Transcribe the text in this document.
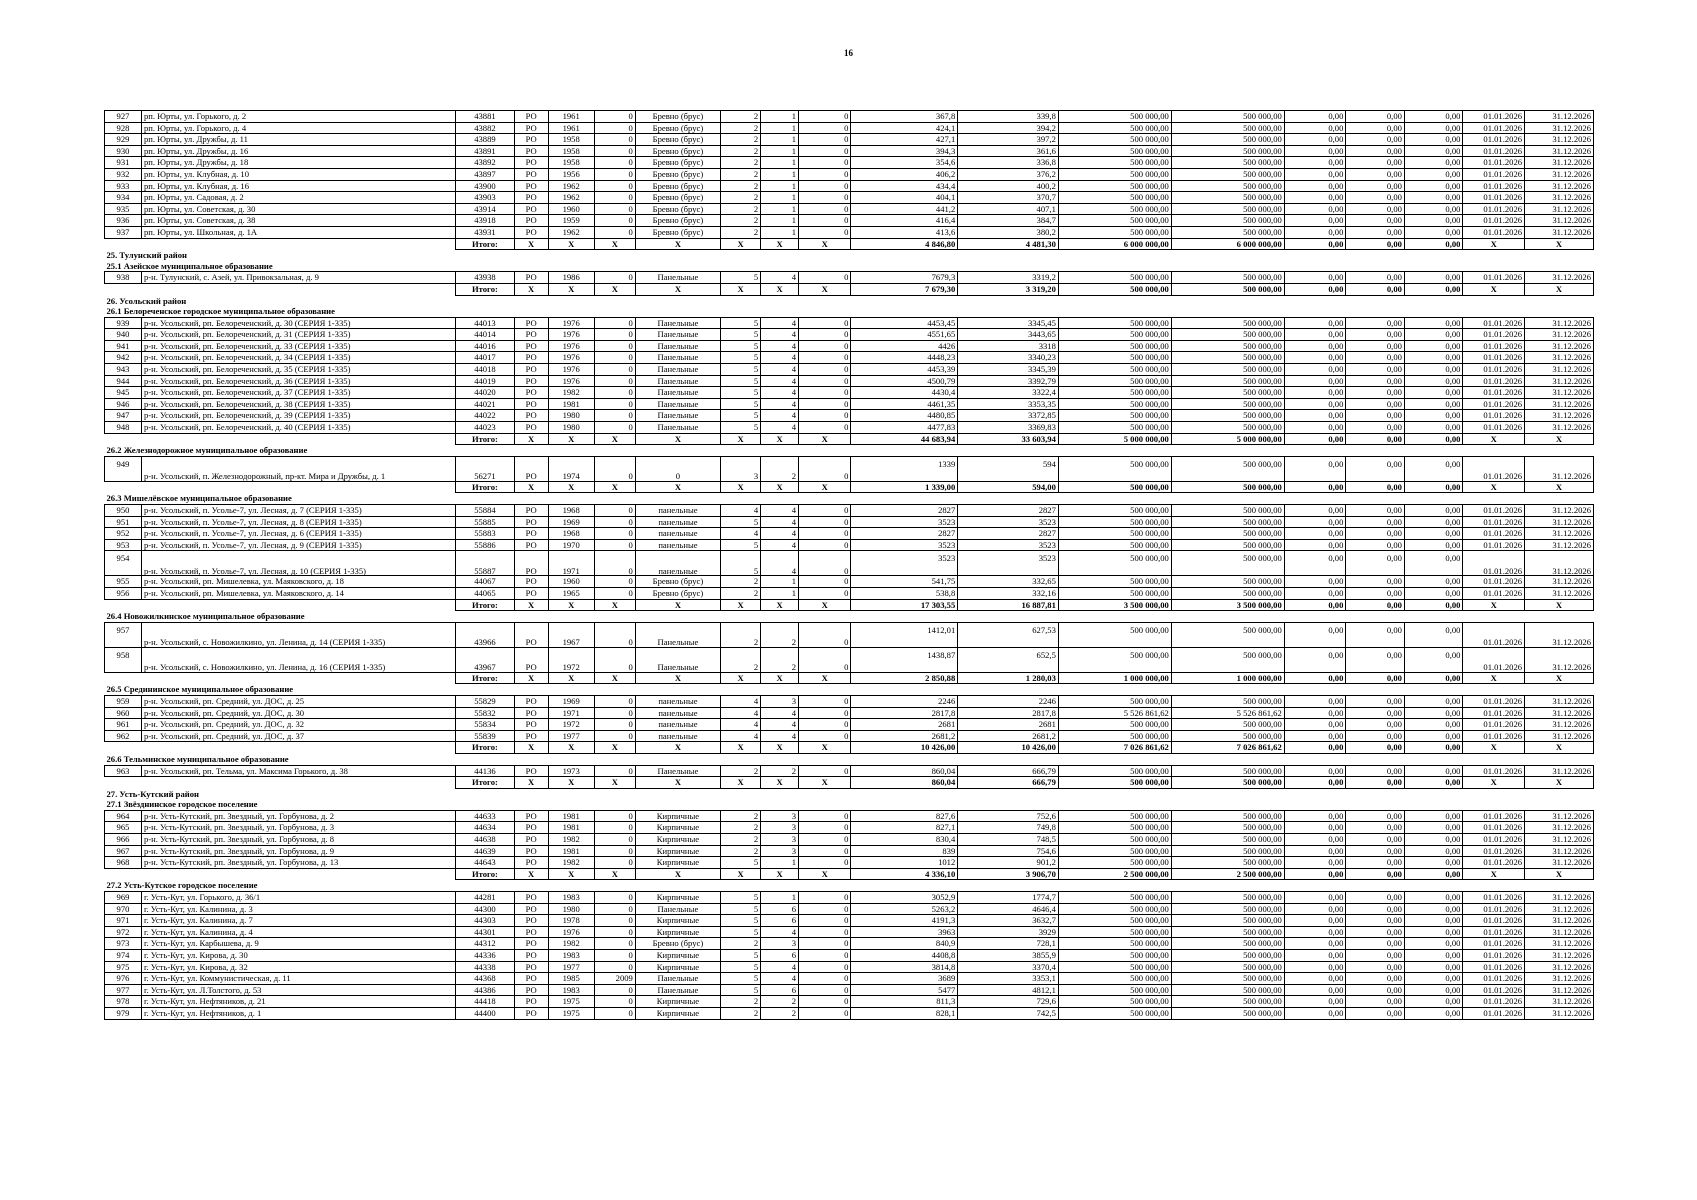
16
927	рп. Юрты, ул. Горького, д. 2	43881	РО	1961	0	Бревно (брус)	2	1	0	367,8	339,8	500 000,00	500 000,00	0,00	0,00	0,00	01.01.2026	31.12.2026
928	рп. Юрты, ул. Горького, д. 4	43882	РО	1961	0	Бревно (брус)	2	1	0	424,1	394,2	500 000,00	500 000,00	0,00	0,00	0,00	01.01.2026	31.12.2026
929	рп. Юрты, ул. Дружбы, д. 11	43889	РО	1958	0	Бревно (брус)	2	1	0	427,1	397,2	500 000,00	500 000,00	0,00	0,00	0,00	01.01.2026	31.12.2026
930	рп. Юрты, ул. Дружбы, д. 16	43891	РО	1958	0	Бревно (брус)	2	1	0	394,3	361,6	500 000,00	500 000,00	0,00	0,00	0,00	01.01.2026	31.12.2026
931	рп. Юрты, ул. Дружбы, д. 18	43892	РО	1958	0	Бревно (брус)	2	1	0	354,6	336,8	500 000,00	500 000,00	0,00	0,00	0,00	01.01.2026	31.12.2026
932	рп. Юрты, ул. Клубная, д. 10	43897	РО	1956	0	Бревно (брус)	2	1	0	406,2	376,2	500 000,00	500 000,00	0,00	0,00	0,00	01.01.2026	31.12.2026
933	рп. Юрты, ул. Клубная, д. 16	43900	РО	1962	0	Бревно (брус)	2	1	0	434,4	400,2	500 000,00	500 000,00	0,00	0,00	0,00	01.01.2026	31.12.2026
934	рп. Юрты, ул. Садовая, д. 2	43903	РО	1962	0	Бревно (брус)	2	1	0	404,1	370,7	500 000,00	500 000,00	0,00	0,00	0,00	01.01.2026	31.12.2026
935	рп. Юрты, ул. Советская, д. 30	43914	РО	1960	0	Бревно (брус)	2	1	0	441,2	407,1	500 000,00	500 000,00	0,00	0,00	0,00	01.01.2026	31.12.2026
936	рп. Юрты, ул. Советская, д. 38	43918	РО	1959	0	Бревно (брус)	2	1	0	416,4	384,7	500 000,00	500 000,00	0,00	0,00	0,00	01.01.2026	31.12.2026
937	рп. Юрты, ул. Школьная, д. 1А	43931	РО	1962	0	Бревно (брус)	2	1	0	413,6	380,2	500 000,00	500 000,00	0,00	0,00	0,00	01.01.2026	31.12.2026
		Итого:	X	X	X	X	X	X	X	4 846,80	4 481,30	6 000 000,00	6 000 000,00	0,00	0,00	0,00	X	X
25. Тулунский район																		
25.1 Азейское муниципальное образование																		
938	р-н. Тулунский, с. Азей, ул. Привокзальная, д. 9	43938	РО	1986	0	Панельные	5	4	0	7679,3	3319,2	500 000,00	500 000,00	0,00	0,00	0,00	01.01.2026	31.12.2026
		Итого:	X	X	X	X	X	X	X	7 679,30	3 319,20	500 000,00	500 000,00	0,00	0,00	0,00	X	X
26. Усольский район																		
26.1 Белореченское городское муниципальное образование																		
939	р-н. Усольский, рп. Белореченский, д. 30 (СЕРИЯ 1-335)	44013	РО	1976	0	Панельные	5	4	0	4453,45	3345,45	500 000,00	500 000,00	0,00	0,00	0,00	01.01.2026	31.12.2026
940	р-н. Усольский, рп. Белореченский, д. 31 (СЕРИЯ 1-335)	44014	РО	1976	0	Панельные	5	4	0	4551,65	3443,65	500 000,00	500 000,00	0,00	0,00	0,00	01.01.2026	31.12.2026
941	р-н. Усольский, рп. Белореченский, д. 33 (СЕРИЯ 1-335)	44016	РО	1976	0	Панельные	5	4	0	4426	3318	500 000,00	500 000,00	0,00	0,00	0,00	01.01.2026	31.12.2026
942	р-н. Усольский, рп. Белореченский, д. 34 (СЕРИЯ 1-335)	44017	РО	1976	0	Панельные	5	4	0	4448,23	3340,23	500 000,00	500 000,00	0,00	0,00	0,00	01.01.2026	31.12.2026
943	р-н. Усольский, рп. Белореченский, д. 35 (СЕРИЯ 1-335)	44018	РО	1976	0	Панельные	5	4	0	4453,39	3345,39	500 000,00	500 000,00	0,00	0,00	0,00	01.01.2026	31.12.2026
944	р-н. Усольский, рп. Белореченский, д. 36 (СЕРИЯ 1-335)	44019	РО	1976	0	Панельные	5	4	0	4500,79	3392,79	500 000,00	500 000,00	0,00	0,00	0,00	01.01.2026	31.12.2026
945	р-н. Усольский, рп. Белореченский, д. 37 (СЕРИЯ 1-335)	44020	РО	1982	0	Панельные	5	4	0	4430,4	3322,4	500 000,00	500 000,00	0,00	0,00	0,00	01.01.2026	31.12.2026
946	р-н. Усольский, рп. Белореченский, д. 38 (СЕРИЯ 1-335)	44021	РО	1981	0	Панельные	5	4	0	4461,35	3353,35	500 000,00	500 000,00	0,00	0,00	0,00	01.01.2026	31.12.2026
947	р-н. Усольский, рп. Белореченский, д. 39 (СЕРИЯ 1-335)	44022	РО	1980	0	Панельные	5	4	0	4480,85	3372,85	500 000,00	500 000,00	0,00	0,00	0,00	01.01.2026	31.12.2026
948	р-н. Усольский, рп. Белореченский, д. 40 (СЕРИЯ 1-335)	44023	РО	1980	0	Панельные	5	4	0	4477,83	3369,83	500 000,00	500 000,00	0,00	0,00	0,00	01.01.2026	31.12.2026
		Итого:	X	X	X	X	X	X	X	44 683,94	33 603,94	5 000 000,00	5 000 000,00	0,00	0,00	0,00	X	X
26.2 Железнодорожное муниципальное образование																		
949	р-н. Усольский, п. Железнодорожный, пр-кт. Мира и Дружбы, д. 1	56271	РО	1974	0	0	3	2	0	1339	594	500 000,00	500 000,00	0,00	0,00	0,00	01.01.2026	31.12.2026
		Итого:	X	X	X	X	X	X	X	1 339,00	594,00	500 000,00	500 000,00	0,00	0,00	0,00	X	X
26.3 Мишелёвское муниципальное образование																		
950	р-н. Усольский, п. Усолье-7, ул. Лесная, д. 7 (СЕРИЯ 1-335)	55884	РО	1968	0	панельные	4	4	0	2827	2827	500 000,00	500 000,00	0,00	0,00	0,00	01.01.2026	31.12.2026
951	р-н. Усольский, п. Усолье-7, ул. Лесная, д. 8 (СЕРИЯ 1-335)	55885	РО	1969	0	панельные	5	4	0	3523	3523	500 000,00	500 000,00	0,00	0,00	0,00	01.01.2026	31.12.2026
952	р-н. Усольский, п. Усолье-7, ул. Лесная, д. 6 (СЕРИЯ 1-335)	55883	РО	1968	0	панельные	4	4	0	2827	2827	500 000,00	500 000,00	0,00	0,00	0,00	01.01.2026	31.12.2026
953	р-н. Усольский, п. Усолье-7, ул. Лесная, д. 9 (СЕРИЯ 1-335)	55886	РО	1970	0	панельные	5	4	0	3523	3523	500 000,00	500 000,00	0,00	0,00	0,00	01.01.2026	31.12.2026
954	р-н. Усольский, п. Усолье-7, ул. Лесная, д. 10 (СЕРИЯ 1-335)	55887	РО	1971	0	панельные	5	4	0	3523	3523	500 000,00	500 000,00	0,00	0,00	0,00	01.01.2026	31.12.2026
955	р-н. Усольский, рп. Мишелевка, ул. Маяковского, д. 18	44067	РО	1960	0	Бревно (брус)	2	1	0	541,75	332,65	500 000,00	500 000,00	0,00	0,00	0,00	01.01.2026	31.12.2026
956	р-н. Усольский, рп. Мишелевка, ул. Маяковского, д. 14	44065	РО	1965	0	Бревно (брус)	2	1	0	538,8	332,16	500 000,00	500 000,00	0,00	0,00	0,00	01.01.2026	31.12.2026
		Итого:	X	X	X	X	X	X	X	17 303,55	16 887,81	3 500 000,00	3 500 000,00	0,00	0,00	0,00	X	X
26.4 Новожилкинское муниципальное образование																		
957	р-н. Усольский, с. Новожилкино, ул. Ленина, д. 14 (СЕРИЯ 1-335)	43966	РО	1967	0	Панельные	2	2	0	1412,01	627,53	500 000,00	500 000,00	0,00	0,00	0,00	01.01.2026	31.12.2026
958	р-н. Усольский, с. Новожилкино, ул. Ленина, д. 16 (СЕРИЯ 1-335)	43967	РО	1972	0	Панельные	2	2	0	1438,87	652,5	500 000,00	500 000,00	0,00	0,00	0,00	01.01.2026	31.12.2026
		Итого:	X	X	X	X	X	X	X	2 850,88	1 280,03	1 000 000,00	1 000 000,00	0,00	0,00	0,00	X	X
26.5 Средининское муниципальное образование																		
959	р-н. Усольский, рп. Средний, ул. ДОС, д. 25	55829	РО	1969	0	панельные	4	3	0	2246	2246	500 000,00	500 000,00	0,00	0,00	0,00	01.01.2026	31.12.2026
960	р-н. Усольский, рп. Средний, ул. ДОС, д. 30	55832	РО	1971	0	панельные	4	4	0	2817,8	2817,8	5 526 861,62	5 526 861,62	0,00	0,00	0,00	01.01.2026	31.12.2026
961	р-н. Усольский, рп. Средний, ул. ДОС, д. 32	55834	РО	1972	0	панельные	4	4	0	2681	2681	500 000,00	500 000,00	0,00	0,00	0,00	01.01.2026	31.12.2026
962	р-н. Усольский, рп. Средний, ул. ДОС, д. 37	55839	РО	1977	0	панельные	4	4	0	2681,2	2681,2	500 000,00	500 000,00	0,00	0,00	0,00	01.01.2026	31.12.2026
		Итого:	X	X	X	X	X	X	X	10 426,00	10 426,00	7 026 861,62	7 026 861,62	0,00	0,00	0,00	X	X
26.6 Тельминское муниципальное образование																		
963	р-н. Усольский, рп. Тельма, ул. Максима Горького, д. 38	44136	РО	1973	0	Панельные	2	2	0	860,04	666,79	500 000,00	500 000,00	0,00	0,00	0,00	01.01.2026	31.12.2026
		Итого:	X	X	X	X	X	X	X	860,04	666,79	500 000,00	500 000,00	0,00	0,00	0,00	X	X
27. Усть-Кутский район																		
27.1 Звёзднинское городское поселение																		
964	р-н. Усть-Кутский, рп. Звездный, ул. Горбунова, д. 2	44633	РО	1981	0	Кирпичные	2	3	0	827,6	752,6	500 000,00	500 000,00	0,00	0,00	0,00	01.01.2026	31.12.2026
965	р-н. Усть-Кутский, рп. Звездный, ул. Горбунова, д. 3	44634	РО	1981	0	Кирпичные	2	3	0	827,1	749,8	500 000,00	500 000,00	0,00	0,00	0,00	01.01.2026	31.12.2026
966	р-н. Усть-Кутский, рп. Звездный, ул. Горбунова, д. 8	44638	РО	1982	0	Кирпичные	2	3	0	830,4	748,5	500 000,00	500 000,00	0,00	0,00	0,00	01.01.2026	31.12.2026
967	р-н. Усть-Кутский, рп. Звездный, ул. Горбунова, д. 9	44639	РО	1981	0	Кирпичные	2	3	0	839	754,6	500 000,00	500 000,00	0,00	0,00	0,00	01.01.2026	31.12.2026
968	р-н. Усть-Кутский, рп. Звездный, ул. Горбунова, д. 13	44643	РО	1982	0	Кирпичные	5	1	0	1012	901,2	500 000,00	500 000,00	0,00	0,00	0,00	01.01.2026	31.12.2026
		Итого:	X	X	X	X	X	X	X	4 336,10	3 906,70	2 500 000,00	2 500 000,00	0,00	0,00	0,00	X	X
27.2 Усть-Кутское городское поселение																		
969	г. Усть-Кут, ул. Горького, д. 36/1	44281	РО	1983	0	Кирпичные	5	1	0	3052,9	1774,7	500 000,00	500 000,00	0,00	0,00	0,00	01.01.2026	31.12.2026
970	г. Усть-Кут, ул. Калинина, д. 3	44300	РО	1980	0	Панельные	5	6	0	5263,2	4646,4	500 000,00	500 000,00	0,00	0,00	0,00	01.01.2026	31.12.2026
971	г. Усть-Кут, ул. Калинина, д. 7	44303	РО	1978	0	Кирпичные	5	6	0	4191,3	3632,7	500 000,00	500 000,00	0,00	0,00	0,00	01.01.2026	31.12.2026
972	г. Усть-Кут, ул. Калинина, д. 4	44301	РО	1976	0	Кирпичные	5	4	0	3963	3929	500 000,00	500 000,00	0,00	0,00	0,00	01.01.2026	31.12.2026
973	г. Усть-Кут, ул. Карбышева, д. 9	44312	РО	1982	0	Бревно (брус)	2	3	0	840,9	728,1	500 000,00	500 000,00	0,00	0,00	0,00	01.01.2026	31.12.2026
974	г. Усть-Кут, ул. Кирова, д. 30	44336	РО	1983	0	Кирпичные	5	6	0	4408,8	3855,9	500 000,00	500 000,00	0,00	0,00	0,00	01.01.2026	31.12.2026
975	г. Усть-Кут, ул. Кирова, д. 32	44338	РО	1977	0	Кирпичные	5	4	0	3814,8	3370,4	500 000,00	500 000,00	0,00	0,00	0,00	01.01.2026	31.12.2026
976	г. Усть-Кут, ул. Коммунистическая, д. 11	44368	РО	1985	2009	Панельные	5	4	0	3689	3353,1	500 000,00	500 000,00	0,00	0,00	0,00	01.01.2026	31.12.2026
977	г. Усть-Кут, ул. Л.Толстого, д. 53	44386	РО	1983	0	Панельные	5	6	0	5477	4812,1	500 000,00	500 000,00	0,00	0,00	0,00	01.01.2026	31.12.2026
978	г. Усть-Кут, ул. Нефтяников, д. 21	44418	РО	1975	0	Кирпичные	2	2	0	811,3	729,6	500 000,00	500 000,00	0,00	0,00	0,00	01.01.2026	31.12.2026
979	г. Усть-Кут, ул. Нефтяников, д. 1	44400	РО	1975	0	Кирпичные	2	2	0	828,1	742,5	500 000,00	500 000,00	0,00	0,00	0,00	01.01.2026	31.12.2026
